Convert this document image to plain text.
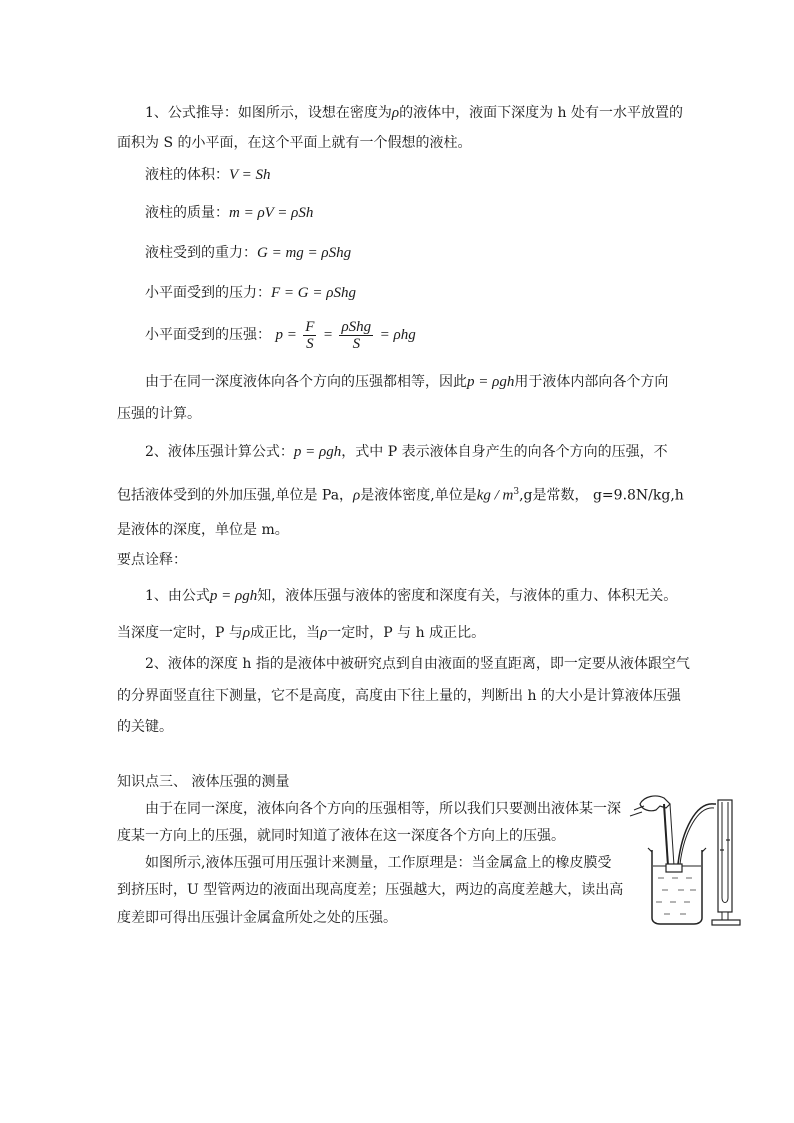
1、公式推导：如图所示，设想在密度为ρ的液体中，液面下深度为 h 处有一水平放置的
面积为 S 的小平面，在这个平面上就有一个假想的液柱。
液柱的体积：V = Sh
液柱的质量：m = ρV = ρSh
液柱受到的重力：G = mg = ρShg
小平面受到的压力：F = G = ρShg
小平面受到的压强： $p = \frac{F}{S} = \frac{\text{ρShg}}{S} = \rho hg$
由于在同一深度液体向各个方向的压强都相等，因此p = ρgh用于液体内部向各个方向
压强的计算。
2、液体压强计算公式：p = ρgh，式中 P 表示液体自身产生的向各个方向的压强，不
包括液体受到的外加压强,单位是 Pa，ρ是液体密度,单位是kg / $m^3,g$是常数， g=9.8N/kg,h
是液体的深度，单位是 m。
要点诠释：
1、由公式p = ρgh知，液体压强与液体的密度和深度有关，与液体的重力、体积无关。
当深度一定时，P 与ρ成正比，当ρ一定时，P 与 h 成正比。
2、液体的深度 h 指的是液体中被研究点到自由液面的竖直距离，即一定要从液体跟空气
的分界面竖直往下测量，它不是高度，高度由下往上量的，判断出 h 的大小是计算液体压强
的关键。
知识点三、 液体压强的测量
由于在同一深度，液体向各个方向的压强相等，所以我们只要测出液体某一深
度某一方向上的压强，就同时知道了液体在这一深度各个方向上的压强。
如图所示,液体压强可用压强计来测量，工作原理是：当金属盒上的橡皮膜受
到挤压时，U 型管两边的液面出现高度差；压强越大，两边的高度差越大，读出高
度差即可得出压强计金属盒所处之处的压强。
